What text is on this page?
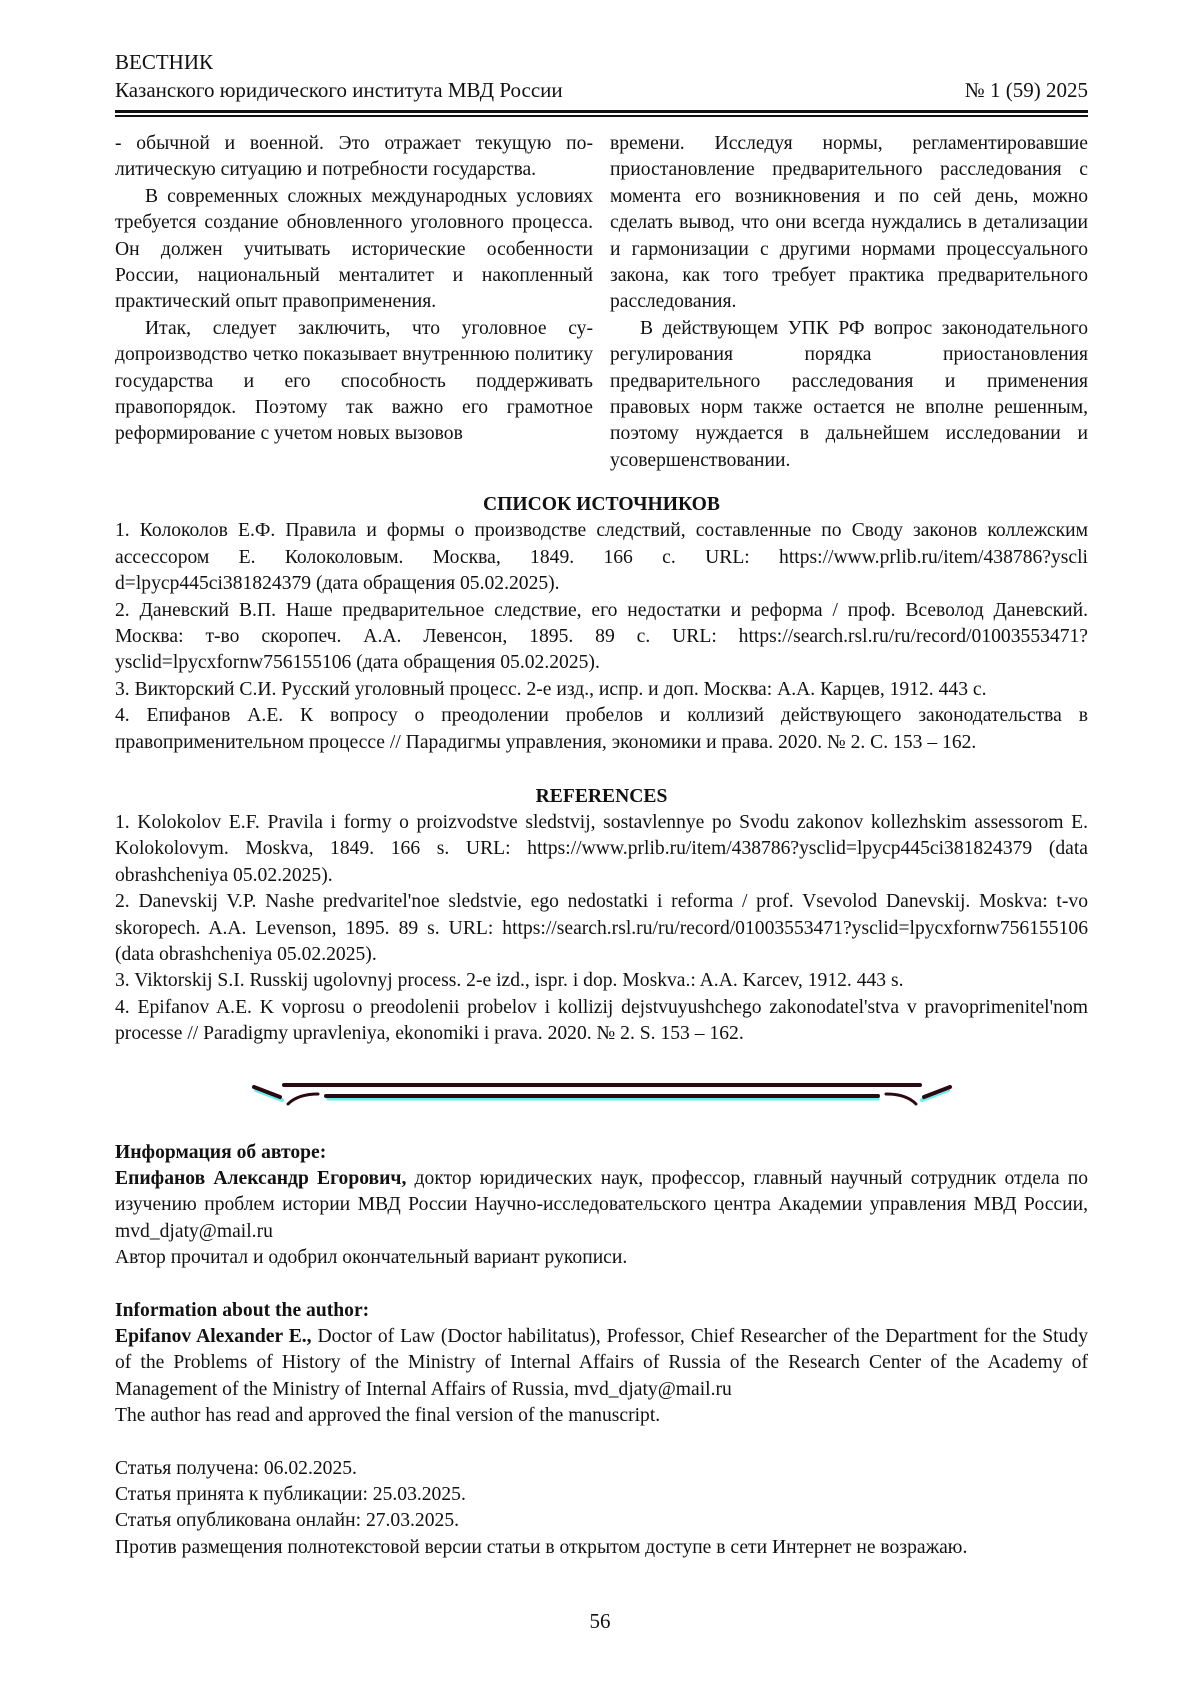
ВЕСТНИК
Казанского юридического института МВД России	№ 1 (59) 2025

- обычной и военной. Это отражает текущую политическую ситуацию и потребности государства.

В современных сложных международных условиях требуется создание обновленного уголовного процесса. Он должен учитывать исторические особенности России, национальный менталитет и накопленный практический опыт правоприменения.

Итак, следует заключить, что уголовное судопроизводство четко показывает внутреннюю политику государства и его способность поддерживать правопорядок. Поэтому так важно его грамотное реформирование с учетом новых вызовов

времени. Исследуя нормы, регламентировавшие приостановление предварительного расследования с момента его возникновения и по сей день, можно сделать вывод, что они всегда нуждались в детализации и гармонизации с другими нормами процессуального закона, как того требует практика предварительного расследования.

В действующем УПК РФ вопрос законодательного регулирования порядка приостановления предварительного расследования и применения правовых норм также остается не вполне решенным, поэтому нуждается в дальнейшем исследовании и усовершенствовании.

СПИСОК ИСТОЧНИКОВ

1. Колоколов Е.Ф. Правила и формы о производстве следствий, составленные по Своду законов коллежским ассессором Е. Колоколовым. Москва, 1849. 166 с. URL: https://www.prlib.ru/item/438786?yscli​d=lpycp445ci381824379 (дата обращения 05.02.2025).

2. Даневский В.П. Наше предварительное следствие, его недостатки и реформа / проф. Всеволод Даневский. Москва: т-во скоропеч. А.А. Левенсон, 1895. 89 с. URL: https://search.rsl.ru/ru/record/01003553​471?ysclid=lpycxfornw756155106 (дата обращения 05.02.2025).

3. Викторский С.И. Русский уголовный процесс. 2-е изд., испр. и доп. Москва: А.А. Карцев, 1912. 443 с.

4. Епифанов А.Е. К вопросу о преодолении пробелов и коллизий действующего законодательства в правоприменительном процессе // Парадигмы управления, экономики и права. 2020. № 2. С. 153 – 162.

REFERENCES

1. Kolokolov E.F. Pravila i formy o proizvodstve sledstvij, sostavlennye po Svodu zakonov kollezhskim assessorom E. Kolokolovym. Moskva, 1849. 166 s. URL: https://www.prlib.ru/item/438786?ysclid=lpycp44​5ci381824379 (data obrashcheniya 05.02.2025).

2. Danevskij V.P. Nashe predvaritel'noe sledstvie, ego nedostatki i reforma / prof. Vsevolod Danevskij. Moskva: t-vo skoropech. A.A. Levenson, 1895. 89 s. URL: https://search.rsl.ru/ru/record/01003553471?yscli​d=lpycxfornw756155106 (data obrashcheniya 05.02.2025).

3. Viktorskij S.I. Russkij ugolovnyj process. 2-e izd., ispr. i dop. Moskva.: A.A. Karcev, 1912. 443 s.

4. Epifanov A.E. K voprosu o preodolenii probelov i kollizij dejstvuyushchego zakonodatel'stva v pravoprimenitel'nom processe // Paradigmy upravleniya, ekonomiki i prava. 2020. № 2. S. 153 – 162.

Информация об авторе:

Епифанов Александр Егорович, доктор юридических наук, профессор, главный научный сотрудник отдела по изучению проблем истории МВД России Научно-исследовательского центра Академии управления МВД России, mvd_djaty@mail.ru

Автор прочитал и одобрил окончательный вариант рукописи.

Information about the author:

Epifanov Alexander E., Doctor of Law (Doctor habilitatus), Professor, Chief Researcher of the Department for the Study of the Problems of History of the Ministry of Internal Affairs of Russia of the Research Center of the Academy of Management of the Ministry of Internal Affairs of Russia, mvd_djaty@mail.ru

The author has read and approved the final version of the manuscript.

Статья получена: 06.02.2025.

Статья принята к публикации: 25.03.2025.

Статья опубликована онлайн: 27.03.2025.

Против размещения полнотекстовой версии статьи в открытом доступе в сети Интернет не возражаю.

56
